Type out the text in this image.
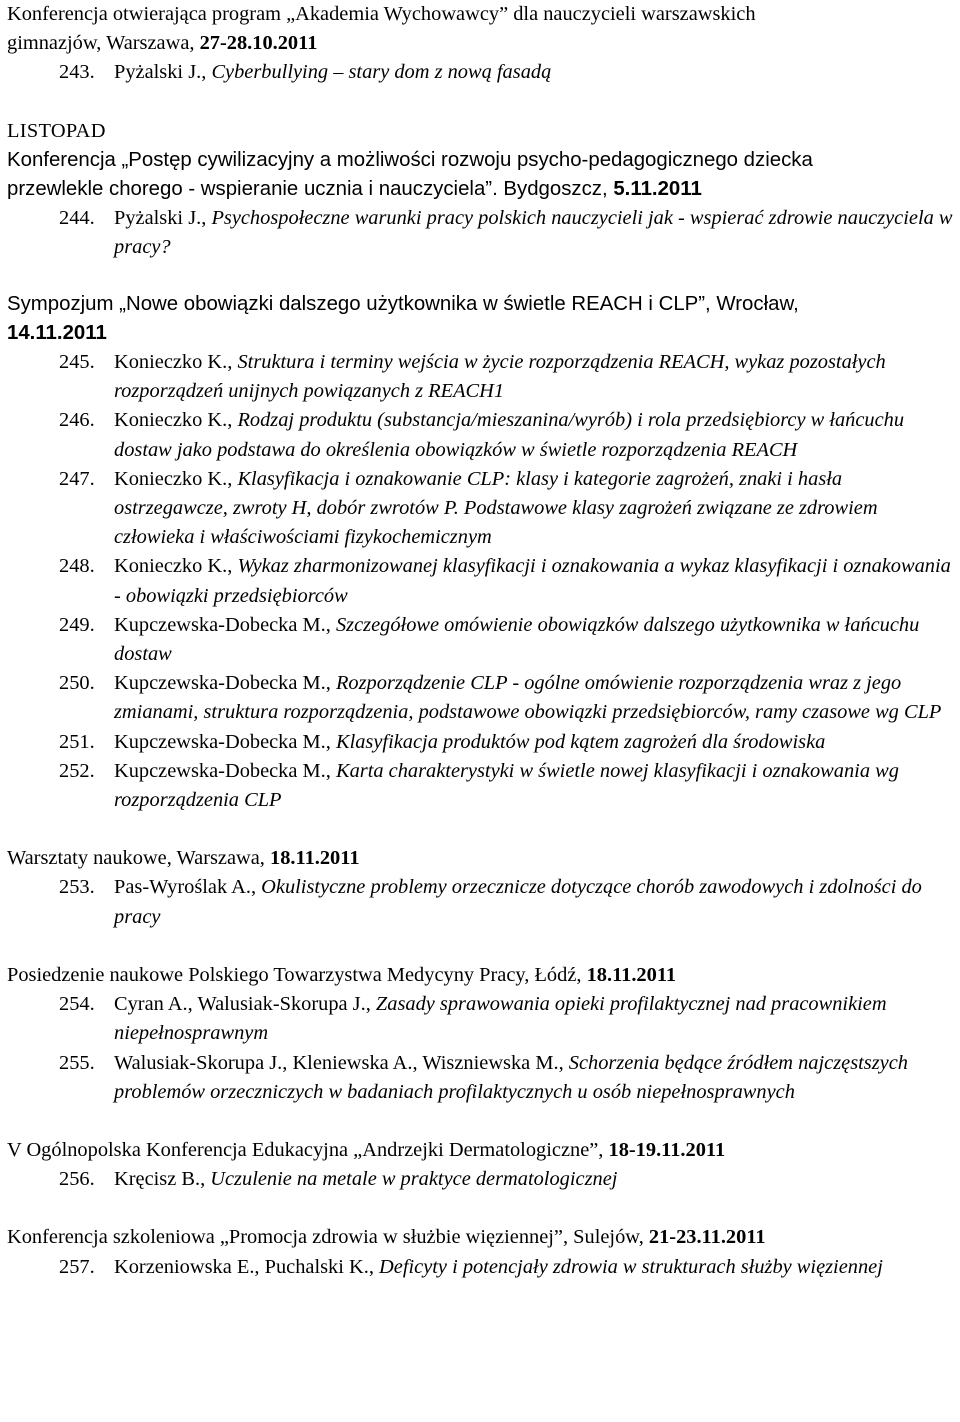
Konferencja otwierająca program „Akademia Wychowawcy” dla nauczycieli warszawskich
gimnazjów, Warszawa, 27-28.10.2011
243. Pyżalski J., Cyberbullying – stary dom z nową fasadą
LISTOPAD
Konferencja „Postęp cywilizacyjny a możliwości rozwoju psycho-pedagogicznego dziecka
przewlekle chorego - wspieranie ucznia i nauczyciela”. Bydgoszcz, 5.11.2011
244. Pyżalski J., Psychospołeczne warunki pracy polskich nauczycieli jak - wspierać zdrowie nauczyciela w pracy?
Sympozjum „Nowe obowiązki dalszego użytkownika w świetle REACH i CLP”, Wrocław,
14.11.2011
245. Konieczko K., Struktura i terminy wejścia w życie rozporządzenia REACH, wykaz pozostałych rozporządzeń unijnych powiązanych z REACH1
246. Konieczko K., Rodzaj produktu (substancja/mieszanina/wyrób) i rola przedsiębiorcy w łańcuchu dostaw jako podstawa do określenia obowiązków w świetle rozporządzenia REACH
247. Konieczko K., Klasyfikacja i oznakowanie CLP: klasy i kategorie zagrożeń, znaki i hasła ostrzegawcze, zwroty H, dobór zwrotów P. Podstawowe klasy zagrożeń związane ze zdrowiem człowieka i właściwościami fizykochemicznym
248. Konieczko K., Wykaz zharmonizowanej klasyfikacji i oznakowania a wykaz klasyfikacji i oznakowania - obowiązki przedsiębiorców
249. Kupczewska-Dobecka M., Szczegółowe omówienie obowiązków dalszego użytkownika w łańcuchu dostaw
250. Kupczewska-Dobecka M., Rozporządzenie CLP - ogólne omówienie rozporządzenia wraz z jego zmianami, struktura rozporządzenia, podstawowe obowiązki przedsiębiorców, ramy czasowe wg CLP
251. Kupczewska-Dobecka M., Klasyfikacja produktów pod kątem zagrożeń dla środowiska
252. Kupczewska-Dobecka M., Karta charakterystyki w świetle nowej klasyfikacji i oznakowania wg rozporządzenia CLP
Warsztaty naukowe, Warszawa, 18.11.2011
253. Pas-Wyroślak A., Okulistyczne problemy orzecznicze dotyczące chorób zawodowych i zdolności do pracy
Posiedzenie naukowe Polskiego Towarzystwa Medycyny Pracy, Łódź, 18.11.2011
254. Cyran A., Walusiak-Skorupa J., Zasady sprawowania opieki profilaktycznej nad pracownikiem niepełnosprawnym
255. Walusiak-Skorupa J., Kleniewska A., Wiszniewska M., Schorzenia będące źródłem najczęstszych problemów orzeczniczych w badaniach profilaktycznych u osób niepełnosprawnych
V Ogólnopolska Konferencja Edukacyjna „Andrzejki Dermatologiczne”, 18-19.11.2011
256. Kręcisz B., Uczulenie na metale w praktyce dermatologicznej
Konferencja szkoleniowa „Promocja zdrowia w służbie więziennej”, Sulejów, 21-23.11.2011
257. Korzeniowska E., Puchalski K., Deficyty i potencjały zdrowia w strukturach służby więziennej
